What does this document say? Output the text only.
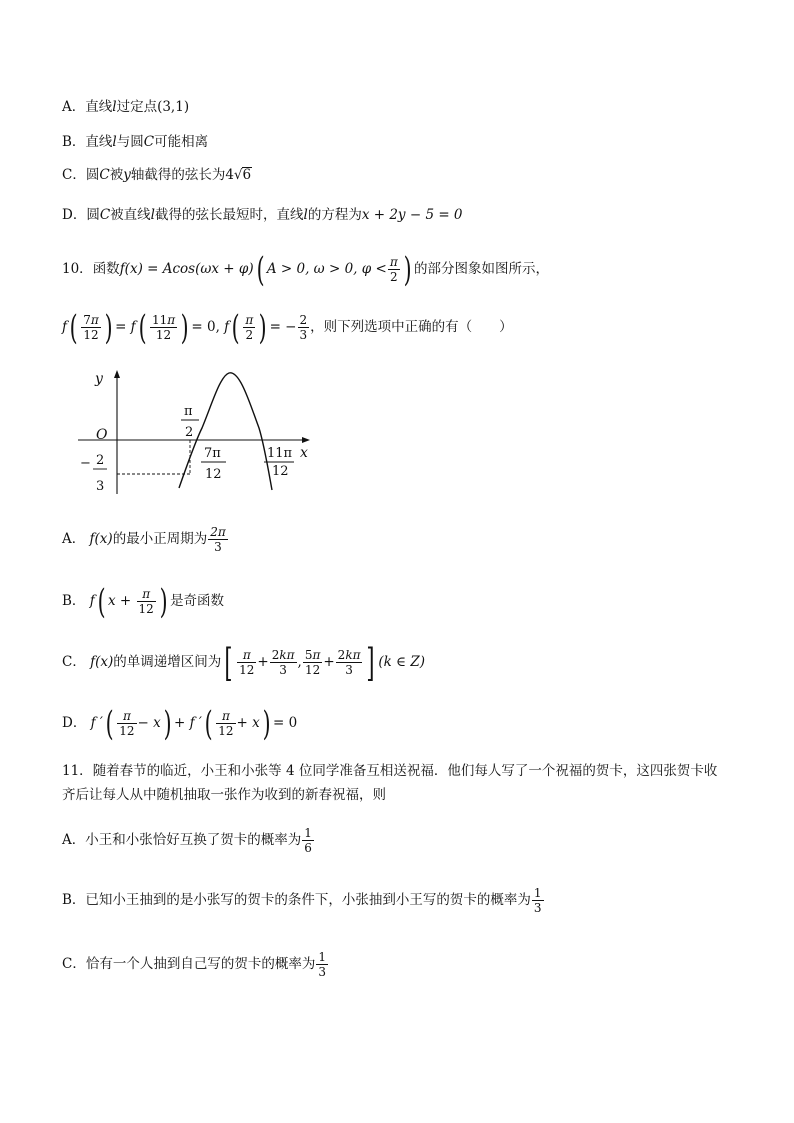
A．直线l过定点(3,1)
B．直线l与圆C可能相离
C．圆C被y轴截得的弦长为4√6
D．圆C被直线l截得的弦长最短时，直线l的方程为x + 2y − 5 = 0
10．函数f(x) = Acos(ωx + φ)( A > 0, ω > 0, $\varphi < \frac{\pi}{2}$ ) 的部分图象如图所示，
$f( \frac{7\pi}{12}$ ) = $f( \frac{11\pi}{12}$ ) = 0, $f( \frac{\pi}{2}$ ) = − $\frac{2}{3}$ ，则下列选项中正确的有（　　）
y
x
O
π
2
7π
12
11π
12
− 2
3
A． f(x)的最小正周期为 $\frac{2\pi}{3}$
B． f( $x + \frac{\pi}{12}$ ) 是奇函数
C． f(x)的单调递增区间为[ $\frac{\pi}{12} + \frac{2k\pi}{3}$ , $\frac{5\pi}{12} + \frac{2k\pi}{3}$ ] (k ∈ Z)
D． f ′( $\frac{\pi}{12} - x) + f$ ′( $\frac{\pi}{12} + x) = 0$
11．随着春节的临近，小王和小张等 4 位同学准备互相送祝福．他们每人写了一个祝福的贺卡，这四张贺卡收
齐后让每人从中随机抽取一张作为收到的新春祝福，则
A．小王和小张恰好互换了贺卡的概率为 $\frac{1}{6}$
B．已知小王抽到的是小张写的贺卡的条件下，小张抽到小王写的贺卡的概率为 $\frac{1}{3}$
C．恰有一个人抽到自己写的贺卡的概率为 $\frac{1}{3}$
